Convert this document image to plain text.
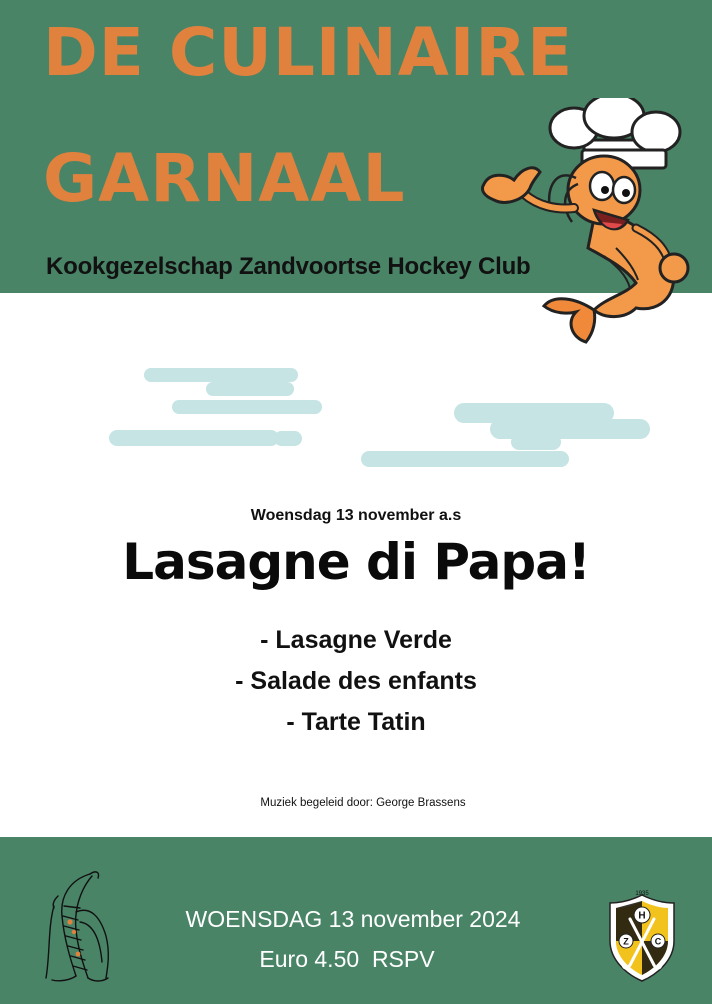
DE CULINAIRE
GARNAAL
Kookgezelschap Zandvoortse Hockey Club
Woensdag 13 november a.s
Lasagne di Papa!
- Lasagne Verde
- Salade des enfants
- Tarte Tatin
Muziek begeleid door: George Brassens
WOENSDAG 13 november 2024
Euro 4.50  RSPV
1935
H
Z	C
